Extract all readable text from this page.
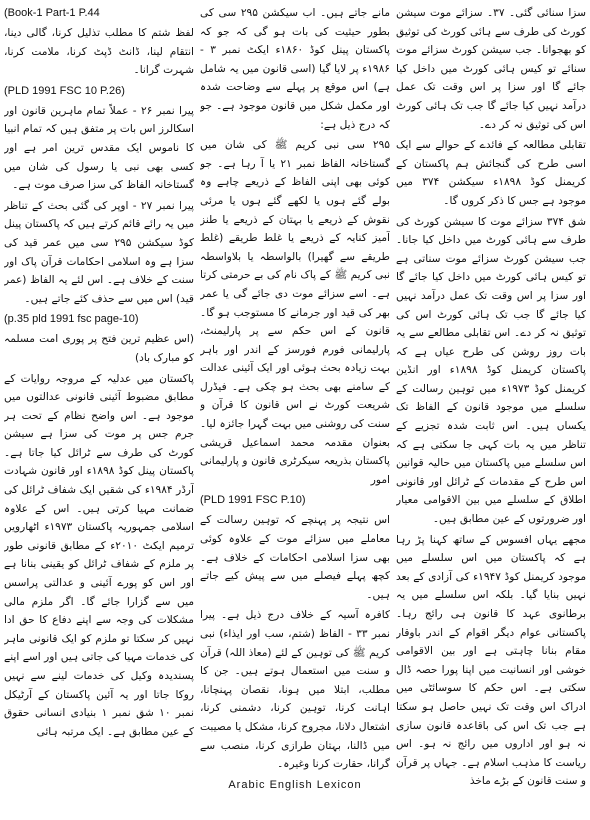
سزا سنائی گئی۔ ۳۷۔ سزائے موت سیشن کورٹ کی طرف سے ہائی کورٹ کی توثیق کو بھجوانا۔ جب سیشن کورٹ سزائے موت سنائے تو کیس ہائی کورٹ میں داخل کیا جائے گا اور سزا پر اس وقت تک عمل درآمد نہیں کیا جائے گا جب تک ہائی کورٹ اس کی توثیق نہ کر دے۔

تقابلی مطالعہ کے فائدے کے حوالے سے ایک اسی طرح کی گنجائش ہم پاکستان کے کریمنل کوڈ ۱۸۹۸ء سیکشن ۳۷۴ میں موجود ہے جس کا ذکر کروں گا۔

شق ۳۷۴ سزائے موت کا سیشن کورٹ کی طرف سے ہائی کورٹ میں داخل کیا جانا۔ جب سیشن کورٹ سزائے موت سناتی ہے تو کیس ہائی کورٹ میں داخل کیا جائے گا اور سزا پر اس وقت تک عمل درآمد نہیں کیا جائے گا جب تک ہائی کورٹ اس کی توثیق نہ کر دے۔ اس تقابلی مطالعے سے یہ بات روز روشن کی طرح عیاں ہے کہ پاکستان کریمنل کوڈ ۱۸۹۸ء اور انڈین کریمنل کوڈ ۱۹۷۳ء میں توہین رسالت کے سلسلے میں موجود قانون کے الفاظ تک یکساں ہیں۔ اس ثابت شدہ تجزیے کے تناظر میں یہ بات کہی جا سکتی ہے کہ اس سلسلے میں پاکستان میں حالیہ قوانین اس طرح کے مقدمات کے ٹرائل اور قانونی اطلاق کے سلسلے میں بین الاقوامی معیار اور ضرورتوں کے عین مطابق ہیں۔

مجھے یہاں افسوس کے ساتھ کہنا پڑ رہا ہے کہ پاکستان میں اس سلسلے میں موجود کریمنل کوڈ ۱۹۴۷ء کی آزادی کے بعد نہیں بنایا گیا۔ بلکہ اس سلسلے میں یہ برطانوی عہد کا قانون ہی رائج رہا۔ پاکستانی عوام دیگر اقوام کے اندر باوقار مقام بنانا چاہتی ہے اور بین الاقوامی خوشی اور انسانیت میں اپنا پورا حصہ ڈال سکتی ہے۔ اس حکم کا سوسائٹی میں ادراک اس وقت تک نہیں حاصل ہو سکتا ہے جب تک اس کی باقاعدہ قانون سازی نہ ہو اور اداروں میں رائج نہ ہو۔ اس ریاست کا مذہب اسلام ہے۔ جہاں پر قرآن و سنت قانون کے بڑے ماخذ

مانے جاتے ہیں۔ اب سیکشن ۲۹۵ سی کی بطور حیثیت کی بات ہو گی کہ جو کہ پاکستان پینل کوڈ ۱۸۶۰ء ایکٹ نمبر ۳ - ۱۹۸۶ء پر لایا گیا (اسی قانون میں یہ شامل ہے) اس موقع پر پہلے سے وضاحت شدہ اور مکمل شکل میں قانون موجود ہے۔ جو کہ درج ذیل ہے:

۲۹۵ سی نبی کریم ﷺ کی شان میں گستاخانہ الفاظ نمبر ۲۱ یا آ رہا ہے۔ جو کوئی بھی اپنی الفاظ کے ذریعے چاہے وہ بولے گئے ہوں یا لکھے گئے ہوں یا مرئی نقوش کے ذریعے یا بہتان کے ذریعے یا طنز آمیز کنایہ کے ذریعے یا غلط طریقے (غلط طریقے سے گھیرا) بالواسطہ یا بلاواسطہ نبی کریم ﷺ کے پاک نام کی بے حرمتی کرتا ہے۔ اسے سزائے موت دی جائے گی یا عمر بھر کی قید اور جرمانے کا مستوجب ہو گا۔ قانون کے اس حکم سے پر پارلیمنٹ، پارلیمانی فورم فورسز کے اندر اور باہر بہت زیادہ بحث ہوئی اور ایک آئینی عدالت کے سامنے بھی بحث ہو چکی ہے۔ فیڈرل شریعت کورٹ نے اس قانون کا قرآن و سنت کی روشنی میں بہت گہرا جائزہ لیا۔ بعنوان مقدمہ محمد اسماعیل قریشی پاکستان بذریعہ سیکرٹری قانون و پارلیمانی امور

(PLD 1991 FSC P.10)

اس نتیجہ پر پہنچے کہ توہین رسالت کے معاملے میں سزائے موت کے علاوہ کوئی بھی سزا اسلامی احکامات کے خلاف ہے۔ کچھ پہلے فیصلے میں سے پیش کیے جاتے ہیں۔

کافرہ آسیہ کے خلاف درج ذیل ہے۔ پیرا نمبر ۳۳ - الفاظ (شتم، سب اور ایذاء) نبی کریم ﷺ کی توہین کے لئے (معاذ اللہ) قرآن و سنت میں استعمال ہوتے ہیں۔ جن کا مطلب، ابتلا میں ہونا، نقصان پہنچانا، اہانت کرنا، توہین کرنا، دشمنی کرنا، اشتعال دلانا، مجروح کرنا، مشکل یا مصیبت میں ڈالنا، بہتان طرازی کرنا، منصب سے گرانا، حقارت کرنا وغیرہ۔

Arabic English Lexicon

(Book-1 Part-1 P.44

لفظ شتم کا مطلب تذلیل کرنا، گالی دینا، انتقام لینا، ڈانٹ ڈپٹ کرنا، ملامت کرنا، شہرت گرانا۔

(PLD 1991 FSC 10 P.26)

پیرا نمبر ۲۶ - عملاً تمام ماہرین قانون اور اسکالرز اس بات پر متفق ہیں کہ تمام انبیا کا ناموس ایک مقدس ترین امر ہے اور کسی بھی نبی یا رسول کی شان میں گستاخانہ الفاظ کی سزا صرف موت ہے۔

پیرا نمبر ۲۷ - اوپر کی گئی بحث کے تناظر میں یہ رائے قائم کرتے ہیں کہ پاکستان پینل کوڈ سیکشن ۲۹۵ سی میں عمر قید کی سزا ہے وہ اسلامی احکامات قرآن پاک اور سنت کے خلاف ہے۔ اس لئے یہ الفاظ (عمر قید) اس میں سے حذف کئے جاتے ہیں۔

(p.35 pld 1991 fsc page-10)

(اس عظیم ترین فتح پر پوری امت مسلمہ کو مبارک باد)

پاکستان میں عدلیہ کے مروجہ روایات کے مطابق مضبوط آئینی قانونی عدالتوں میں موجود ہے۔ اس واضح نظام کے تحت ہر جرم جس پر موت کی سزا ہے سیشن کورٹ کی طرف سے ٹرائل کیا جاتا ہے۔ پاکستان پینل کوڈ ۱۸۹۸ء اور قانون شہادت آرڈر ۱۹۸۴ء کی شقیں ایک شفاف ٹرائل کی ضمانت مہیا کرتی ہیں۔ اس کے علاوہ اسلامی جمہوریہ پاکستان ۱۹۷۳ء اٹھارویں ترمیم ایکٹ ۲۰۱۰ء کے مطابق قانونی طور پر ملزم کے شفاف ٹرائل کو یقینی بنانا ہے اور اس کو پورے آئینی و عدالتی پراسس میں سے گزارا جائے گا۔ اگر ملزم مالی مشکلات کی وجہ سے اپنے دفاع کا حق ادا نہیں کر سکتا تو ملزم کو ایک قانونی ماہر کی خدمات مہیا کی جاتی ہیں اور اسے اپنے پسندیدہ وکیل کی خدمات لینے سے نہیں روکا جاتا اور یہ آئین پاکستان کے آرٹیکل نمبر ۱۰ شق نمبر ۱ بنیادی انسانی حقوق کے عین مطابق ہے۔ ایک مرتبہ ہائی
